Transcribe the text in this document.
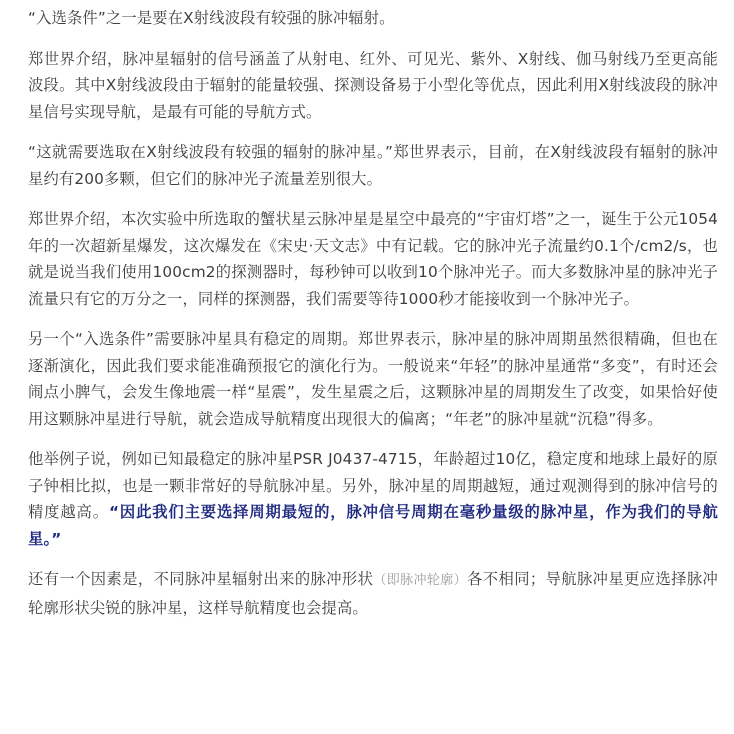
“入选条件”之一是要在X射线波段有较强的脉冲辐射。

郑世界介绍，脉冲星辐射的信号涵盖了从射电、红外、可见光、紫外、X射线、伽马射线乃至更高能波段。其中X射线波段由于辐射的能量较强、探测设备易于小型化等优点，因此利用X射线波段的脉冲星信号实现导航，是最有可能的导航方式。

“这就需要选取在X射线波段有较强的辐射的脉冲星。”郑世界表示，目前，在X射线波段有辐射的脉冲星约有200多颗，但它们的脉冲光子流量差别很大。

郑世界介绍，本次实验中所选取的蟹状星云脉冲星是星空中最亮的“宇宙灯塔”之一，诞生于公元1054年的一次超新星爆发，这次爆发在《宋史·天文志》中有记载。它的脉冲光子流量约0.1个/cm2/s，也就是说当我们使用100cm2的探测器时，每秒钟可以收到10个脉冲光子。而大多数脉冲星的脉冲光子流量只有它的万分之一，同样的探测器，我们需要等待1000秒才能接收到一个脉冲光子。

另一个“入选条件”需要脉冲星具有稳定的周期。郑世界表示，脉冲星的脉冲周期虽然很精确，但也在逐渐演化，因此我们要求能准确预报它的演化行为。一般说来“年轻”的脉冲星通常“多变”，有时还会闹点小脾气，会发生像地震一样“星震”，发生星震之后，这颗脉冲星的周期发生了改变，如果恰好使用这颗脉冲星进行导航，就会造成导航精度出现很大的偏离；“年老”的脉冲星就“沉稳”得多。

他举例子说，例如已知最稳定的脉冲星PSR J0437-4715，年龄超过10亿，稳定度和地球上最好的原子钟相比拟，也是一颗非常好的导航脉冲星。另外，脉冲星的周期越短，通过观测得到的脉冲信号的精度越高。“因此我们主要选择周期最短的，脉冲信号周期在毫秒量级的脉冲星，作为我们的导航星。”

还有一个因素是，不同脉冲星辐射出来的脉冲形状（即脉冲轮廓）各不相同；导航脉冲星更应选择脉冲轮廓形状尖锐的脉冲星，这样导航精度也会提高。
